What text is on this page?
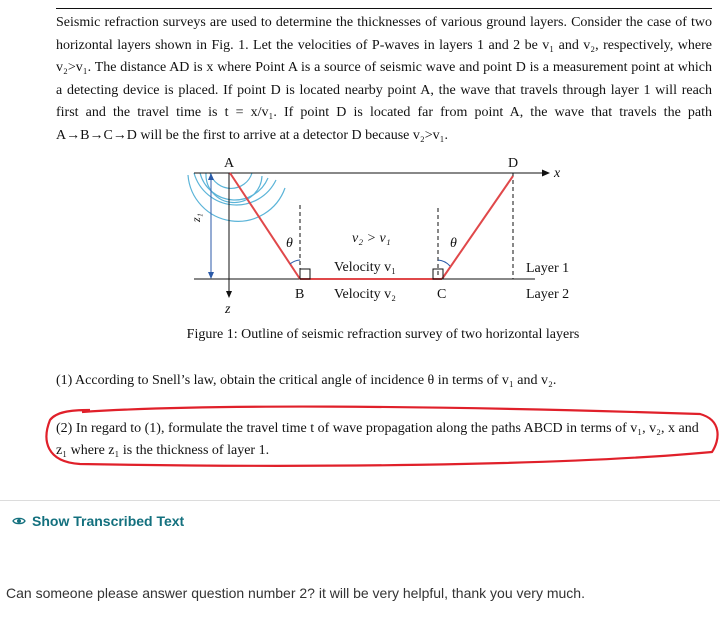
Seismic refraction surveys are used to determine the thicknesses of various ground layers. Consider the case of two horizontal layers shown in Fig. 1. Let the velocities of P-waves in layers 1 and 2 be v₁ and v₂, respectively, where v₂>v₁. The distance AD is x where Point A is a source of seismic wave and point D is a measurement point at which a detecting device is placed. If point D is located nearby point A, the wave that travels through layer 1 will reach first and the travel time is t = x/v₁. If point D is located far from point A, the wave that travels the path A→B→C→D will be the first to arrive at a detector D because v₂>v₁.
A	D
x
z
z₁
θ	θ
B	C
v₂ > v₁
Velocity v₁
Velocity v₂
Layer 1
Layer 2
Figure 1: Outline of seismic refraction survey of two horizontal layers
(1) According to Snell’s law, obtain the critical angle of incidence θ in terms of v₁ and v₂.
(2) In regard to (1), formulate the travel time t of wave propagation along the paths ABCD in terms of v₁, v₂, x and z₁ where z₁ is the thickness of layer 1.
Show Transcribed Text
Can someone please answer question number 2? it will be very helpful, thank you very much.
